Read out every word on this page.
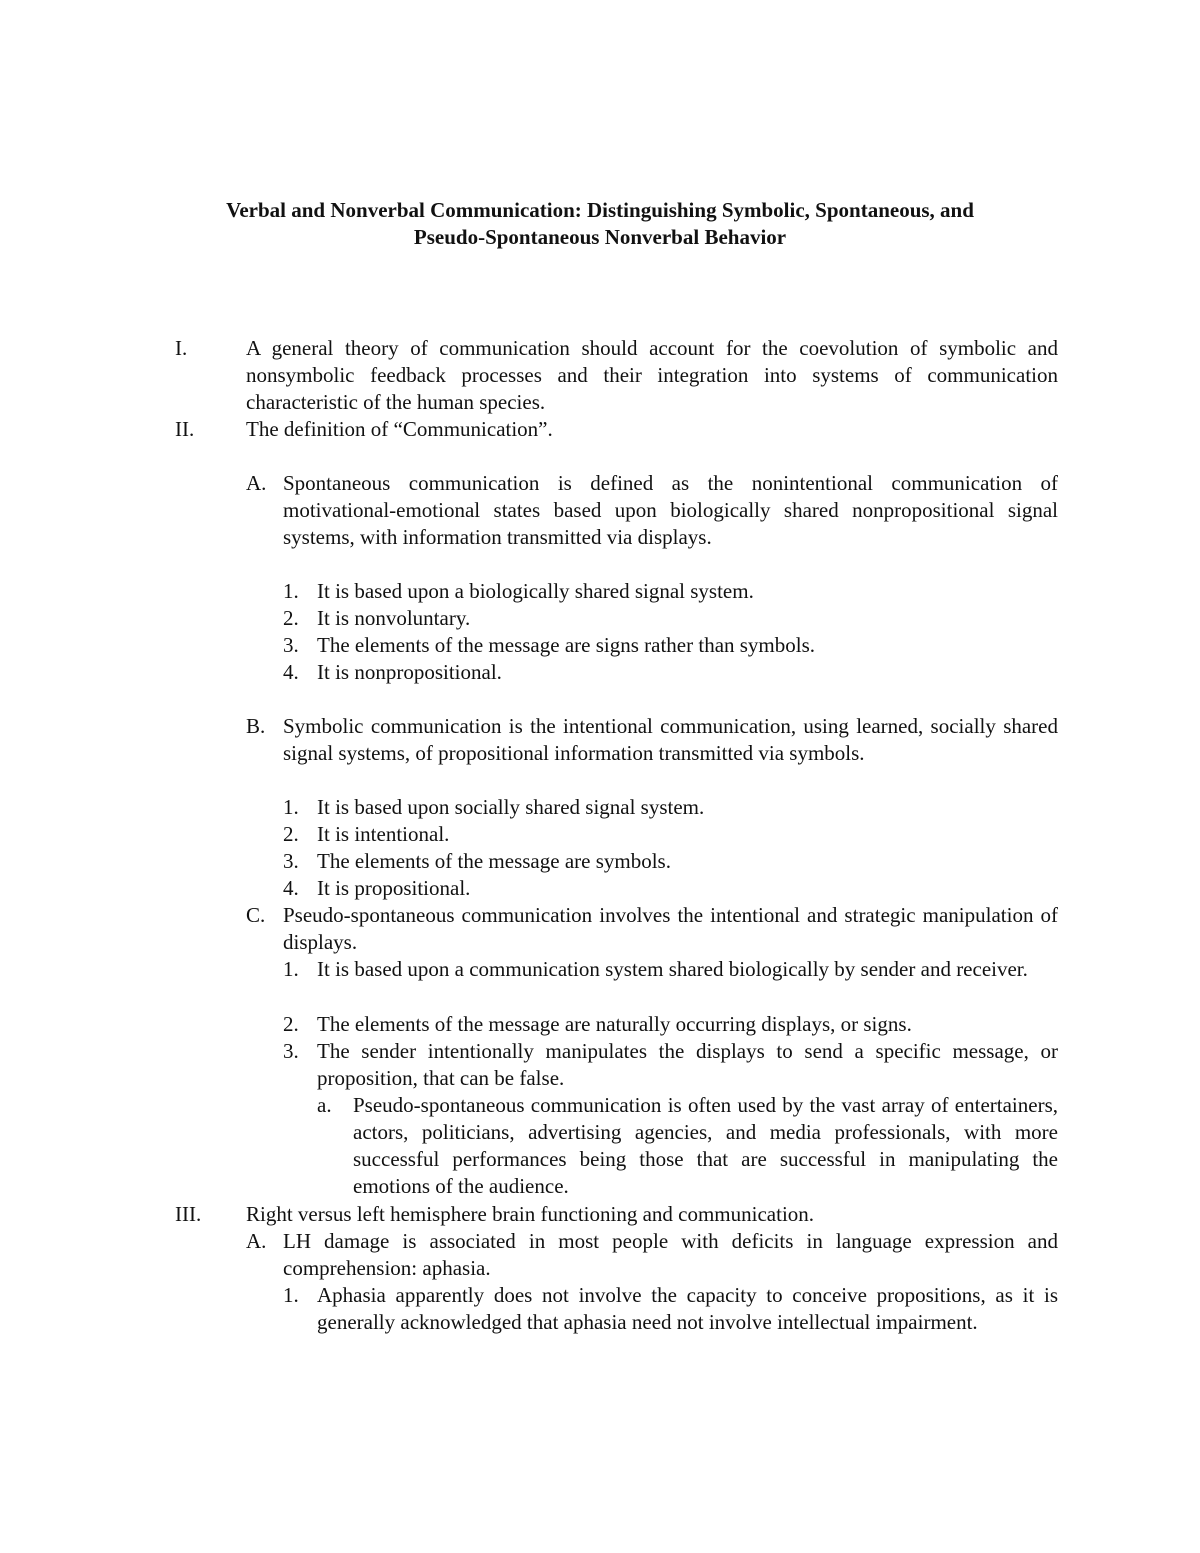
Verbal and Nonverbal Communication: Distinguishing Symbolic, Spontaneous, and
Pseudo-Spontaneous Nonverbal Behavior
I.	A general theory of communication should account for the coevolution of symbolic and nonsymbolic feedback processes and their integration into systems of communication characteristic of the human species.
II. The definition of “Communication”.
A. Spontaneous communication is defined as the nonintentional communication of motivational-emotional states based upon biologically shared nonpropositional signal systems, with information transmitted via displays.
1. It is based upon a biologically shared signal system.
2. It is nonvoluntary.
3. The elements of the message are signs rather than symbols.
4. It is nonpropositional.
B. Symbolic communication is the intentional communication, using learned, socially shared signal systems, of propositional information transmitted via symbols.
1. It is based upon socially shared signal system.
2. It is intentional.
3. The elements of the message are symbols.
4. It is propositional.
C. Pseudo-spontaneous communication involves the intentional and strategic manipulation of displays.
1. It is based upon a communication system shared biologically by sender and receiver.
2. The elements of the message are naturally occurring displays, or signs.
3. The sender intentionally manipulates the displays to send a specific message, or proposition, that can be false.
a. Pseudo-spontaneous communication is often used by the vast array of entertainers, actors, politicians, advertising agencies, and media professionals, with more successful performances being those that are successful in manipulating the emotions of the audience.
III. Right versus left hemisphere brain functioning and communication.
A. LH damage is associated in most people with deficits in language expression and comprehension: aphasia.
1. Aphasia apparently does not involve the capacity to conceive propositions, as it is generally acknowledged that aphasia need not involve intellectual impairment.
